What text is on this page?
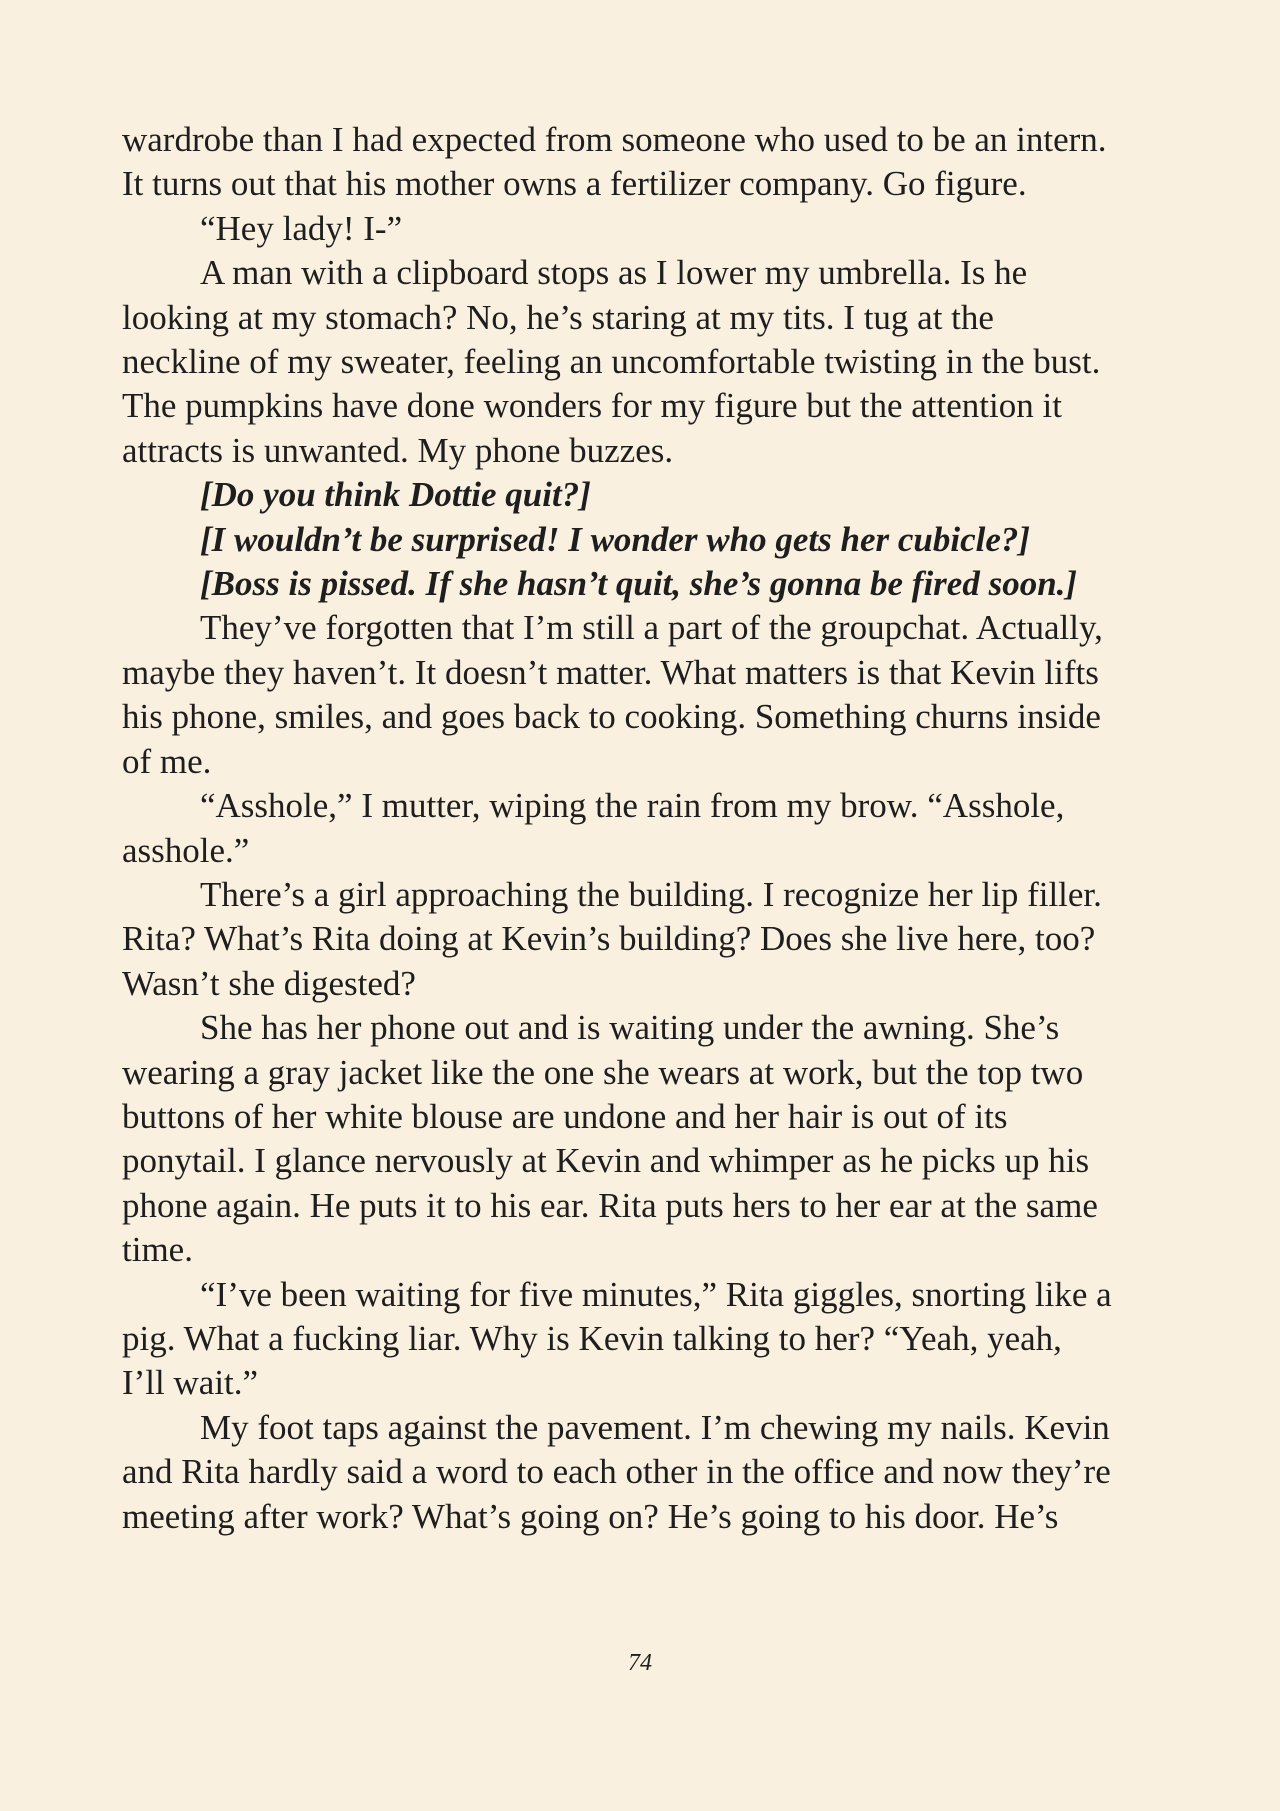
wardrobe than I had expected from someone who used to be an intern.
It turns out that his mother owns a fertilizer company. Go figure.

“Hey lady! I-”

A man with a clipboard stops as I lower my umbrella. Is he
looking at my stomach? No, he’s staring at my tits. I tug at the
neckline of my sweater, feeling an uncomfortable twisting in the bust.
The pumpkins have done wonders for my figure but the attention it
attracts is unwanted. My phone buzzes.

[Do you think Dottie quit?]

[I wouldn’t be surprised! I wonder who gets her cubicle?]

[Boss is pissed. If she hasn’t quit, she’s gonna be fired soon.]

They’ve forgotten that I’m still a part of the groupchat. Actually,
maybe they haven’t. It doesn’t matter. What matters is that Kevin lifts
his phone, smiles, and goes back to cooking. Something churns inside
of me.

“Asshole,” I mutter, wiping the rain from my brow. “Asshole,
asshole.”

There’s a girl approaching the building. I recognize her lip filler.
Rita? What’s Rita doing at Kevin’s building? Does she live here, too?
Wasn’t she digested?

She has her phone out and is waiting under the awning. She’s
wearing a gray jacket like the one she wears at work, but the top two
buttons of her white blouse are undone and her hair is out of its
ponytail. I glance nervously at Kevin and whimper as he picks up his
phone again. He puts it to his ear. Rita puts hers to her ear at the same
time.

“I’ve been waiting for five minutes,” Rita giggles, snorting like a
pig. What a fucking liar. Why is Kevin talking to her? “Yeah, yeah,
I’ll wait.”

My foot taps against the pavement. I’m chewing my nails. Kevin
and Rita hardly said a word to each other in the office and now they’re
meeting after work? What’s going on? He’s going to his door. He’s

74
